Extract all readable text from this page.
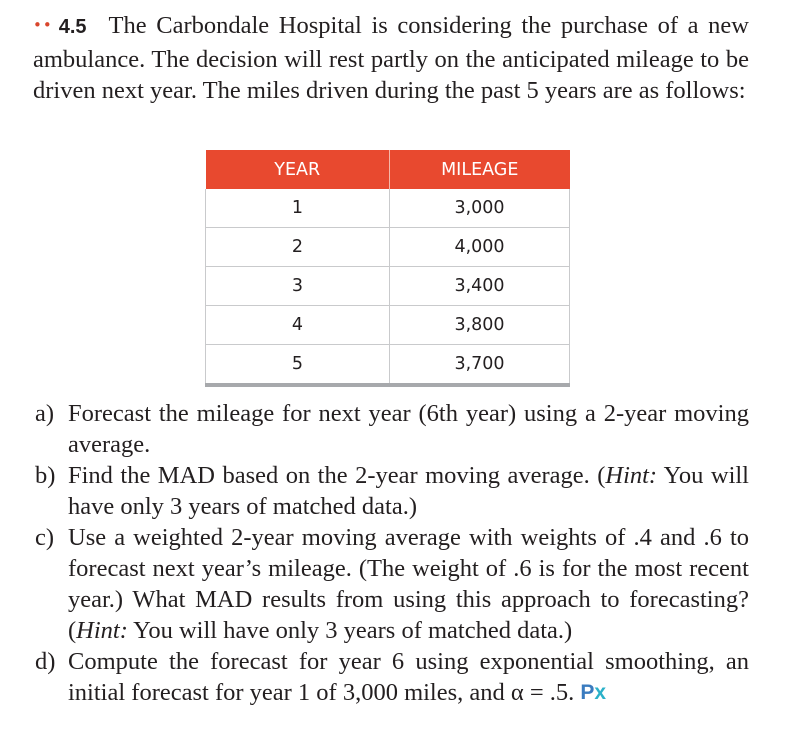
•• 4.5 The Carbondale Hospital is considering the purchase of a new ambulance. The decision will rest partly on the anticipated mileage to be driven next year. The miles driven during the past 5 years are as follows:
YEAR	MILEAGE
1	3,000
2	4,000
3	3,400
4	3,800
5	3,700
a) Forecast the mileage for next year (6th year) using a 2-year moving average.
b) Find the MAD based on the 2-year moving average. (Hint: You will have only 3 years of matched data.)
c) Use a weighted 2-year moving average with weights of .4 and .6 to forecast next year’s mileage. (The weight of .6 is for the most recent year.) What MAD results from using this approach to forecasting? (Hint: You will have only 3 years of matched data.)
d) Compute the forecast for year 6 using exponential smoothing, an initial forecast for year 1 of 3,000 miles, and α = .5. Px
